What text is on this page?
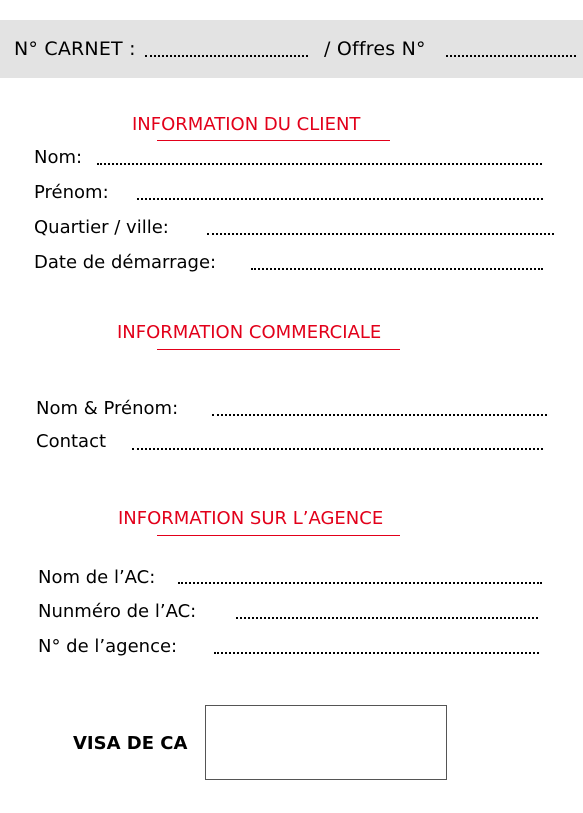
N° CARNET :	/ Offres N°
INFORMATION DU CLIENT
Nom:
Prénom:
Quartier / ville:
Date de démarrage:
INFORMATION COMMERCIALE
Nom & Prénom:
Contact
INFORMATION SUR L’AGENCE
Nom de l’AC:
Nunméro de l’AC:
N° de l’agence:
VISA DE CA
